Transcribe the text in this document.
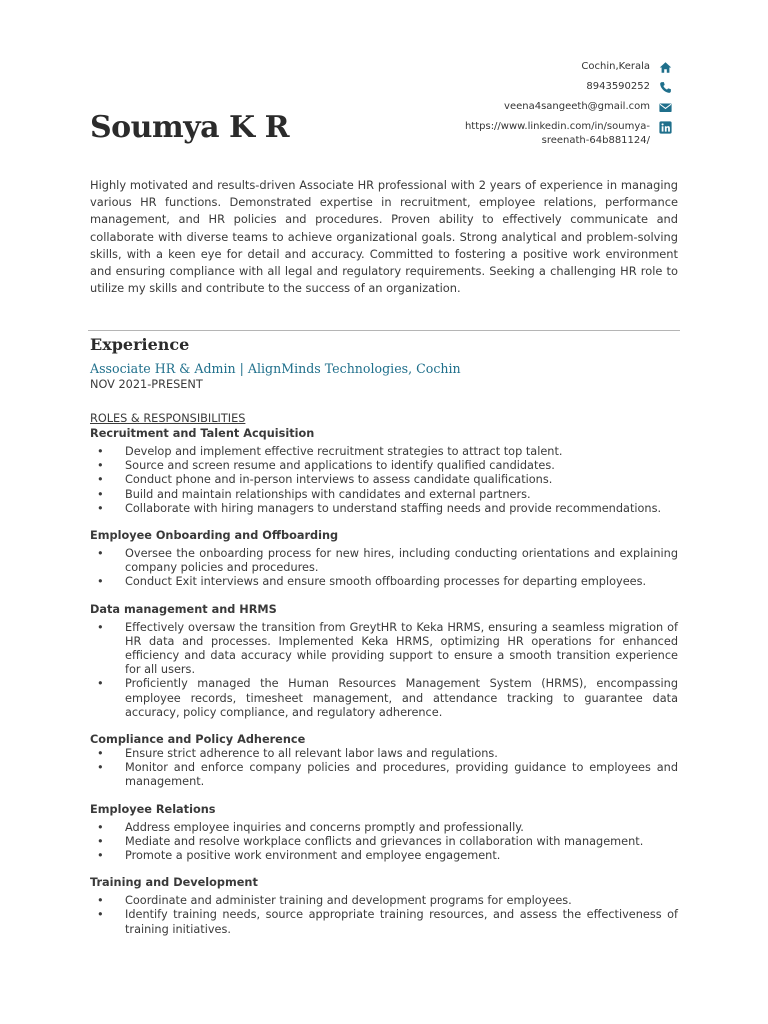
Cochin,Kerala
8943590252
veena4sangeeth@gmail.com
https://www.linkedin.com/in/soumya-sreenath-64b881124/
Soumya K R

Highly motivated and results-driven Associate HR professional with 2 years of experience in managing various HR functions. Demonstrated expertise in recruitment, employee relations, performance management, and HR policies and procedures. Proven ability to effectively communicate and collaborate with diverse teams to achieve organizational goals. Strong analytical and problem-solving skills, with a keen eye for detail and accuracy. Committed to fostering a positive work environment and ensuring compliance with all legal and regulatory requirements. Seeking a challenging HR role to utilize my skills and contribute to the success of an organization.

Experience

Associate HR & Admin | AlignMinds Technologies, Cochin

NOV 2021-PRESENT

ROLES & RESPONSIBILITIES

Recruitment and Talent Acquisition

• Develop and implement effective recruitment strategies to attract top talent.
• Source and screen resume and applications to identify qualified candidates.
• Conduct phone and in-person interviews to assess candidate qualifications.
• Build and maintain relationships with candidates and external partners.
• Collaborate with hiring managers to understand staffing needs and provide recommendations.

Employee Onboarding and Offboarding

• Oversee the onboarding process for new hires, including conducting orientations and explaining company policies and procedures.
• Conduct Exit interviews and ensure smooth offboarding processes for departing employees.

Data management and HRMS

• Effectively oversaw the transition from GreytHR to Keka HRMS, ensuring a seamless migration of HR data and processes. Implemented Keka HRMS, optimizing HR operations for enhanced efficiency and data accuracy while providing support to ensure a smooth transition experience for all users.
• Proficiently managed the Human Resources Management System (HRMS), encompassing employee records, timesheet management, and attendance tracking to guarantee data accuracy, policy compliance, and regulatory adherence.

Compliance and Policy Adherence

• Ensure strict adherence to all relevant labor laws and regulations.
• Monitor and enforce company policies and procedures, providing guidance to employees and management.

Employee Relations

• Address employee inquiries and concerns promptly and professionally.
• Mediate and resolve workplace conflicts and grievances in collaboration with management.
• Promote a positive work environment and employee engagement.

Training and Development

• Coordinate and administer training and development programs for employees.
• Identify training needs, source appropriate training resources, and assess the effectiveness of training initiatives.
